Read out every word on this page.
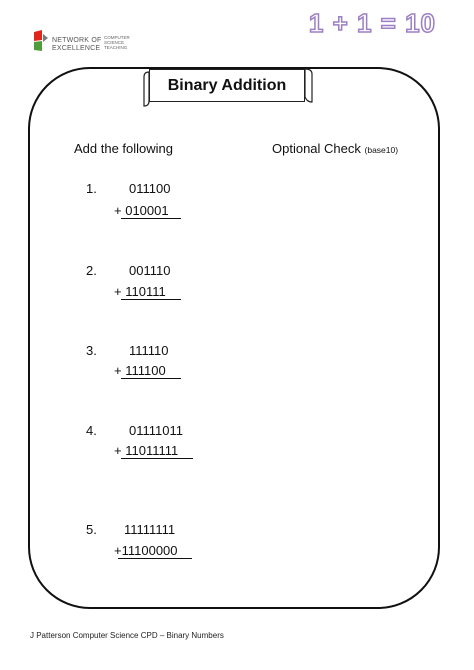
NETWORK OF
EXCELLENCE
COMPUTER SCIENCE TEACHING
1 + 1 = 10
Binary Addition
Add the following	Optional Check (base10)
1. 011100
+ 010001
2. 001110
+ 110111
3. 111110
+ 111100
4. 01111011
+ 11011111
5. 11111111
+11100000
J Patterson Computer Science CPD – Binary Numbers
